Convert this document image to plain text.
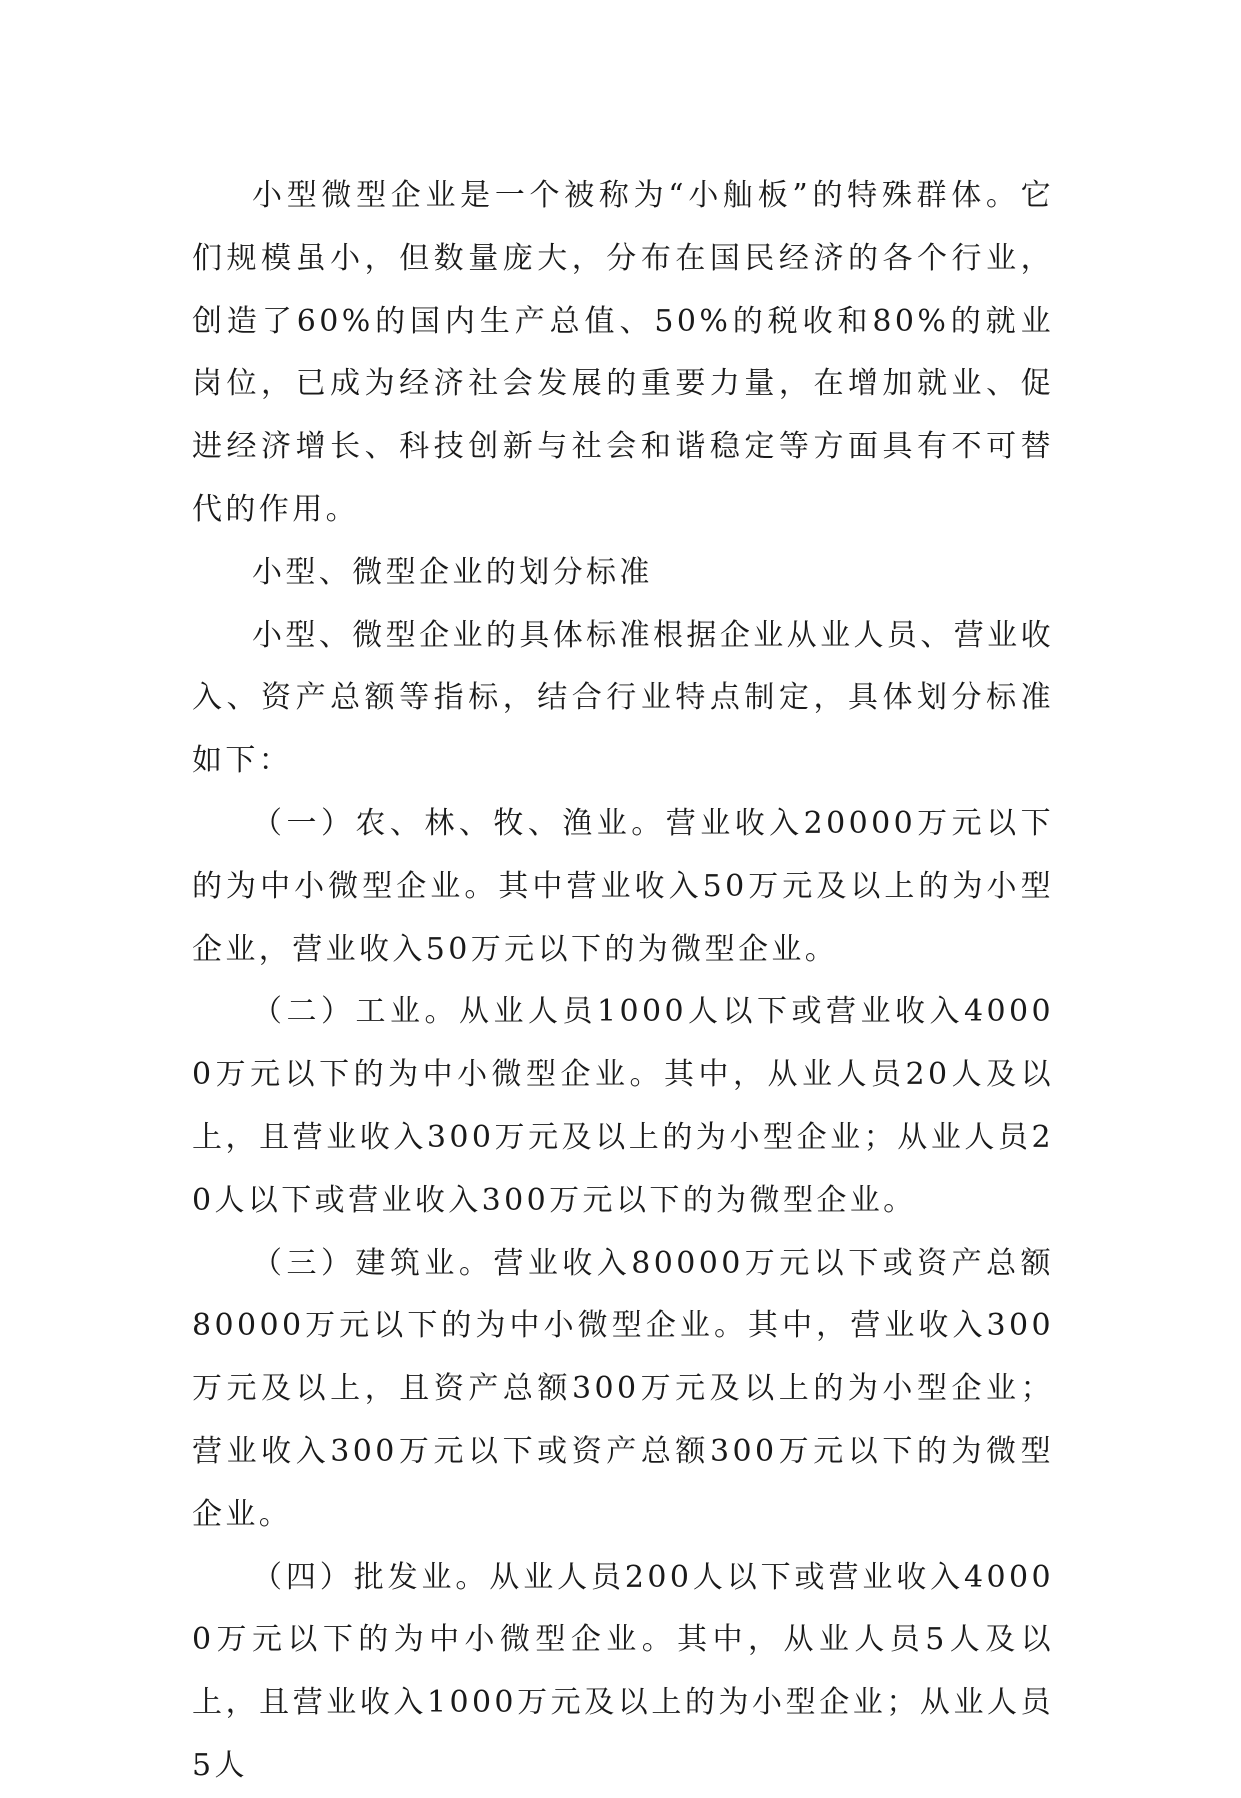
小型微型企业是一个被称为“小舢板”的特殊群体。它们规模虽小，但数量庞大，分布在国民经济的各个行业，创造了60%的国内生产总值、50%的税收和80%的就业岗位，已成为经济社会发展的重要力量，在增加就业、促进经济增长、科技创新与社会和谐稳定等方面具有不可替代的作用。

小型、微型企业的划分标准

小型、微型企业的具体标准根据企业从业人员、营业收入、资产总额等指标，结合行业特点制定，具体划分标准如下：

（一）农、林、牧、渔业。营业收入20000万元以下的为中小微型企业。其中营业收入50万元及以上的为小型企业，营业收入50万元以下的为微型企业。

（二）工业。从业人员1000人以下或营业收入40000万元以下的为中小微型企业。其中，从业人员20人及以上，且营业收入300万元及以上的为小型企业；从业人员20人以下或营业收入300万元以下的为微型企业。

（三）建筑业。营业收入80000万元以下或资产总额80000万元以下的为中小微型企业。其中，营业收入300万元及以上，且资产总额300万元及以上的为小型企业；营业收入300万元以下或资产总额300万元以下的为微型企业。

（四）批发业。从业人员200人以下或营业收入40000万元以下的为中小微型企业。其中，从业人员5人及以上，且营业收入1000万元及以上的为小型企业；从业人员5人
